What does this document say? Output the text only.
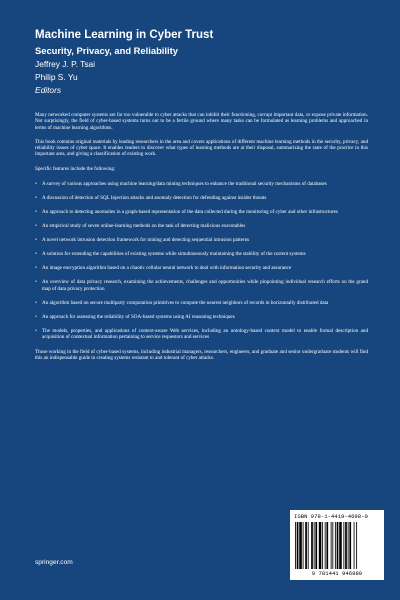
Machine Learning in Cyber Trust
Security, Privacy, and Reliability

Jeffrey J. P. Tsai

Philip S. Yu

Editors

Many networked computer systems are far too vulnerable to cyber attacks that can inhibit their functioning, corrupt important data, or expose private information. Not surprisingly, the field of cyber-based systems turns out to be a fertile ground where many tasks can be formulated as learning problems and approached in terms of machine learning algorithms.

This book contains original materials by leading researchers in the area and covers applications of different machine learning methods in the security, privacy, and reliability issues of cyber space. It enables readers to discover what types of learning methods are at their disposal, summarizing the state of the practice in this important area, and giving a classification of existing work.

Specific features include the following:

• A survey of various approaches using machine learning/data mining techniques to enhance the traditional security mechanisms of databases
• A discussion of detection of SQL Injection attacks and anomaly detection for defending against insider threats
• An approach to detecting anomalies in a graph-based representation of the data collected during the monitoring of cyber and other infrastructures
• An empirical study of seven online-learning methods on the task of detecting malicious executables
• A novel network intrusion detection framework for mining and detecting sequential intrusion patterns
• A solution for extending the capabilities of existing systems while simultaneously maintaining the stability of the current systems
• An image encryption algorithm based on a chaotic cellular neural network to deal with information security and assurance
• An overview of data privacy research, examining the achievements, challenges and opportunities while pinpointing individual research efforts on the grand map of data privacy protection
• An algorithm based on secure multiparty computation primitives to compute the nearest neighbors of records in horizontally distributed data
• An approach for assessing the reliability of SOA-based systems using AI reasoning techniques
• The models, properties, and applications of context-aware Web services, including an ontology-based context model to enable formal description and acquisition of contextual information pertaining to service requestors and services

Those working in the field of cyber-based systems, including industrial managers, researchers, engineers, and graduate and senior undergraduate students will find this an indispensable guide in creating systems resistant to and tolerant of cyber attacks.

springer.com

ISBN 978-1-4419-4698-0

9 781441 946980
